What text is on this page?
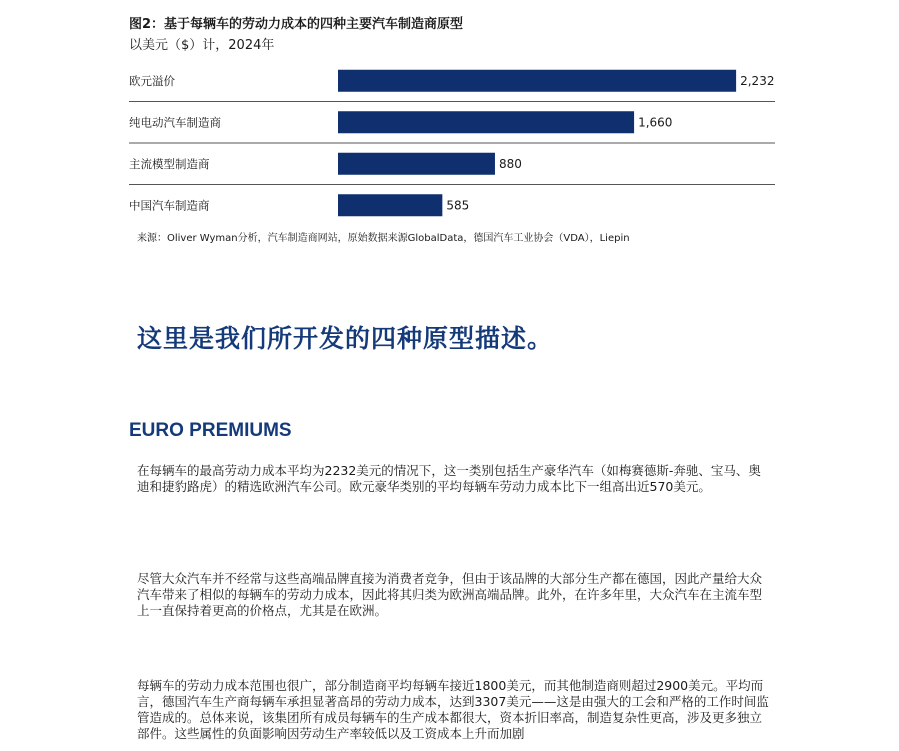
图2：基于每辆车的劳动力成本的四种主要汽车制造商原型
以美元（$）计，2024年
欧元溢价	2,232
纯电动汽车制造商	1,660
主流模型制造商	880
中国汽车制造商	585
来源：Oliver Wyman分析，汽车制造商网站，原始数据来源GlobalData，德国汽车工业协会（VDA），Liepin
这里是我们所开发的四种原型描述。
EURO PREMIUMS
在每辆车的最高劳动力成本平均为2232美元的情况下，这一类别包括生产豪华汽车（如梅赛德斯-奔驰、宝马、奥迪和捷豹路虎）的精选欧洲汽车公司。欧元豪华类别的平均每辆车劳动力成本比下一组高出近570美元。
尽管大众汽车并不经常与这些高端品牌直接为消费者竞争，但由于该品牌的大部分生产都在德国，因此产量给大众汽车带来了相似的每辆车的劳动力成本，因此将其归类为欧洲高端品牌。此外，在许多年里，大众汽车在主流车型上一直保持着更高的价格点，尤其是在欧洲。
每辆车的劳动力成本范围也很广，部分制造商平均每辆车接近1800美元，而其他制造商则超过2900美元。平均而言，德国汽车生产商每辆车承担显著高昂的劳动力成本，达到3307美元——这是由强大的工会和严格的工作时间监管造成的。总体来说，该集团所有成员每辆车的生产成本都很大，资本折旧率高，制造复杂性更高，涉及更多独立部件。这些属性的负面影响因劳动生产率较低以及工资成本上升而加剧
